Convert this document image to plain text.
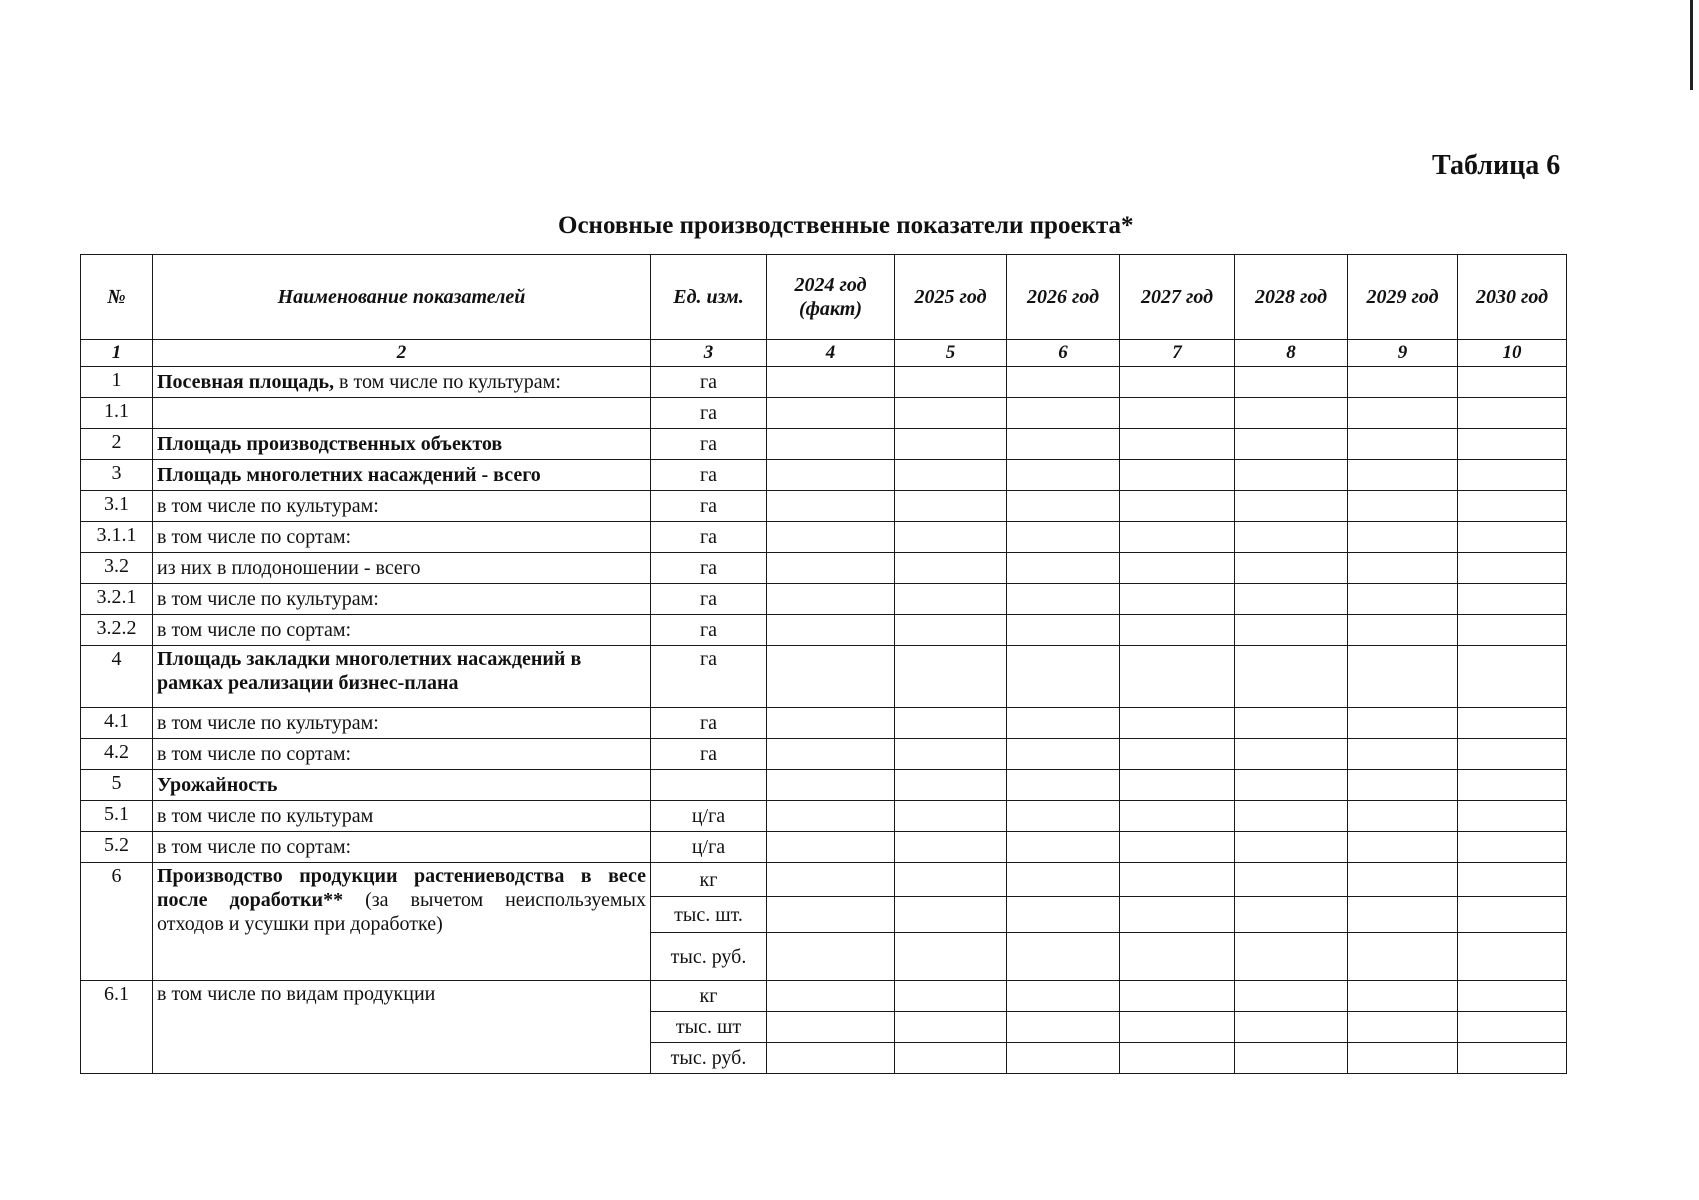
Таблица 6
Основные производственные показатели проекта*
№	Наименование показателей	Ед. изм.	2024 год (факт)	2025 год	2026 год	2027 год	2028 год	2029 год	2030 год
1	2	3	4	5	6	7	8	9	10
1	Посевная площадь, в том числе по культурам:	га							
1.1		га							
2	Площадь производственных объектов	га							
3	Площадь многолетних насаждений - всего	га							
3.1	в том числе по культурам:	га							
3.1.1	в том числе по сортам:	га							
3.2	из них в плодоношении - всего	га							
3.2.1	в том числе по культурам:	га							
3.2.2	в том числе по сортам:	га							
4	Площадь закладки многолетних насаждений в рамках реализации бизнес-плана	га							
4.1	в том числе по культурам:	га							
4.2	в том числе по сортам:	га							
5	Урожайность								
5.1	в том числе по культурам	ц/га							
5.2	в том числе по сортам:	ц/га							
6	Производство продукции растениеводства в весе после доработки** (за вычетом неиспользуемых отходов и усушки при доработке)	кг							
		тыс. шт.							
		тыс. руб.							
6.1	в том числе по видам продукции	кг							
		тыс. шт							
		тыс. руб.							
